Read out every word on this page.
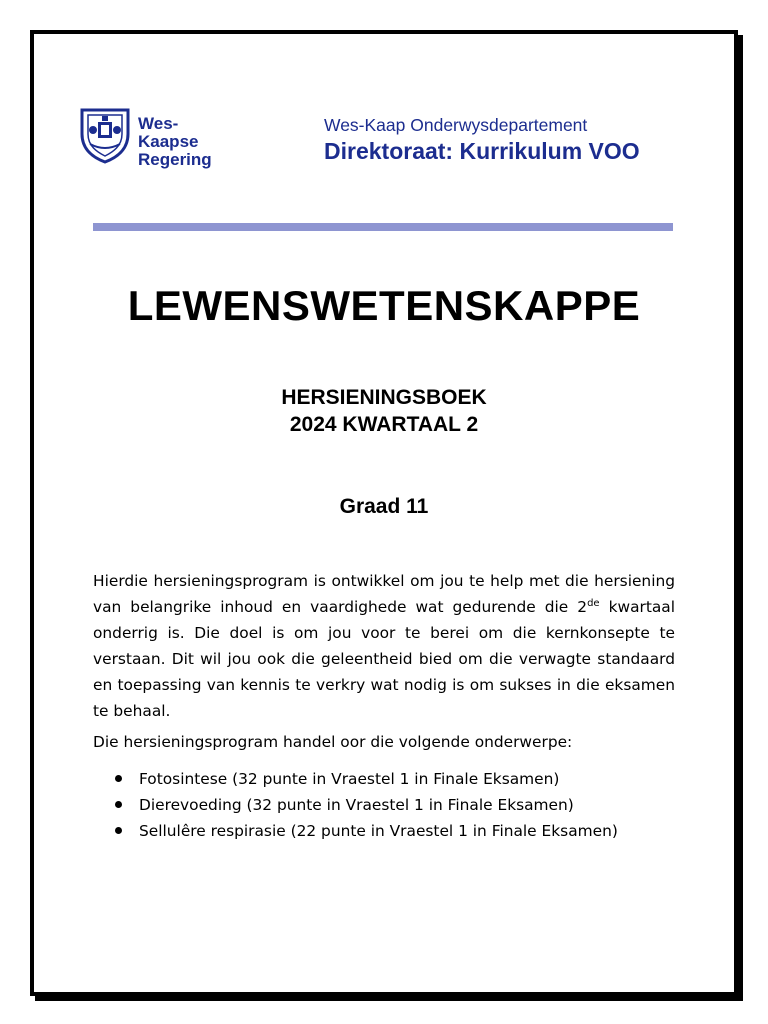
Wes-Kaapse
Regering
Wes-Kaap Onderwysdepartement
Direktoraat: Kurrikulum VOO
LEWENSWETENSKAPPE
HERSIENINGSBOEK
2024 KWARTAAL 2
Graad 11
Hierdie hersieningsprogram is ontwikkel om jou te help met die hersiening van belangrike inhoud en vaardighede wat gedurende die 2de kwartaal onderrig is. Die doel is om jou voor te berei om die kernkonsepte te verstaan. Dit wil jou ook die geleentheid bied om die verwagte standaard en toepassing van kennis te verkry wat nodig is om sukses in die eksamen te behaal.
Die hersieningsprogram handel oor die volgende onderwerpe:
Fotosintese (32 punte in Vraestel 1 in Finale Eksamen)
Dierevoeding (32 punte in Vraestel 1 in Finale Eksamen)
Sellulêre respirasie (22 punte in Vraestel 1 in Finale Eksamen)
